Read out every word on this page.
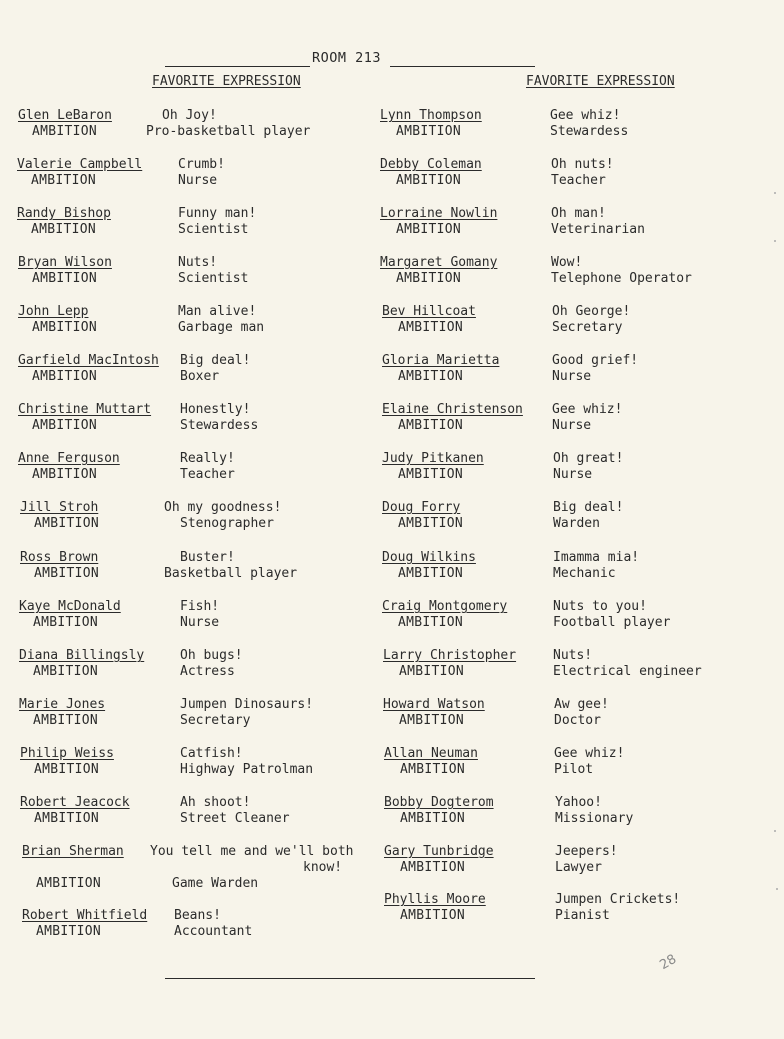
ROOM 213
FAVORITE EXPRESSION	FAVORITE EXPRESSION
Glen LeBaron	Oh Joy!
AMBITION	Pro-basketball player
Valerie Campbell	Crumb!
AMBITION	Nurse
Randy Bishop	Funny man!
AMBITION	Scientist
Bryan Wilson	Nuts!
AMBITION	Scientist
John Lepp	Man alive!
AMBITION	Garbage man
Garfield MacIntosh Big deal!
AMBITION	Boxer
Christine Muttart Honestly!
AMBITION	Stewardess
Anne Ferguson	Really!
AMBITION	Teacher
Jill Stroh	Oh my goodness!
AMBITION	Stenographer
Ross Brown	Buster!
AMBITION	Basketball player
Kaye McDonald	Fish!
AMBITION	Nurse
Diana Billingsly	Oh bugs!
AMBITION	Actress
Marie Jones	Jumpen Dinosaurs!
AMBITION	Secretary
Philip Weiss	Catfish!
AMBITION	Highway Patrolman
Robert Jeacock	Ah shoot!
AMBITION	Street Cleaner
Brian Sherman You tell me and we'll both
know!
AMBITION	Game Warden
Robert Whitfield Beans!
AMBITION	Accountant
Lynn Thompson	Gee whiz!
AMBITION	Stewardess
Debby Coleman	Oh nuts!
AMBITION	Teacher
Lorraine Nowlin	Oh man!
AMBITION	Veterinarian
Margaret Gomany	Wow!
AMBITION	Telephone Operator
Bev Hillcoat	Oh George!
AMBITION	Secretary
Gloria Marietta	Good grief!
AMBITION	Nurse
Elaine Christenson Gee whiz!
AMBITION	Nurse
Judy Pitkanen	Oh great!
AMBITION	Nurse
Doug Forry	Big deal!
AMBITION	Warden
Doug Wilkins	Imamma mia!
AMBITION	Mechanic
Craig Montgomery	Nuts to you!
AMBITION	Football player
Larry Christopher	Nuts!
AMBITION	Electrical engineer
Howard Watson	Aw gee!
AMBITION	Doctor
Allan Neuman	Gee whiz!
AMBITION	Pilot
Bobby Dogterom	Yahoo!
AMBITION	Missionary
Gary Tunbridge	Jeepers!
AMBITION	Lawyer
Phyllis Moore	Jumpen Crickets!
AMBITION	Pianist
28
